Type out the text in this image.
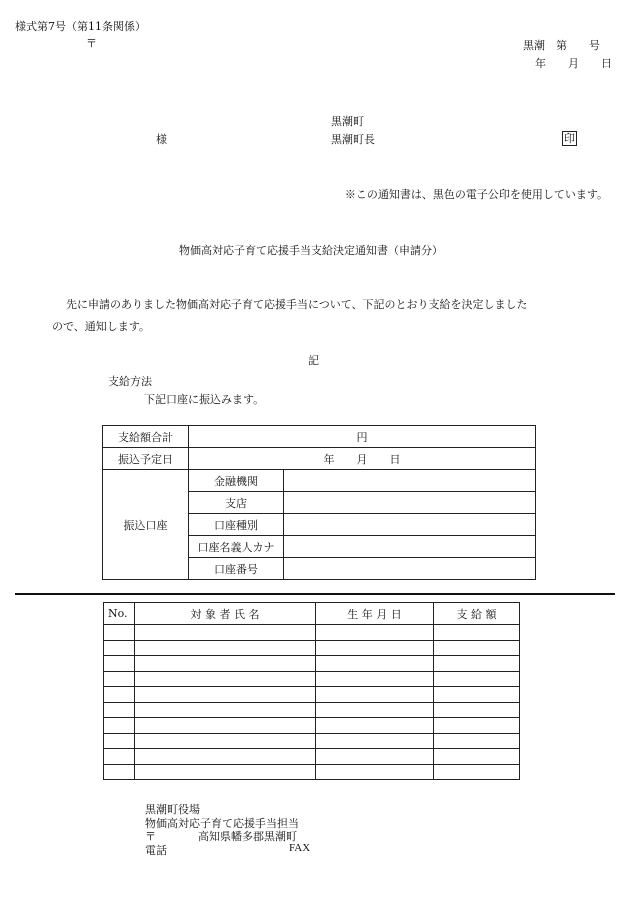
様式第7号（第11条関係）
〒	黒潮　第　　号
年　　月　　日
黒潮町
様	黒潮町長	印
※この通知書は、黒色の電子公印を使用しています。
物価高対応子育て応援手当支給決定通知書（申請分）
先に申請のありました物価高対応子育て応援手当について、下記のとおり支給を決定しました
ので、通知します。
記
支給方法
下記口座に振込みます。
支給額合計	円	
振込予定日	年　　月　　日	
振込口座	金融機関	
	支店	
	口座種別	
	口座名義人カナ	
	口座番号	
No.	対 象 者 氏 名	生 年 月 日	支 給 額

黒潮町役場
物価高対応子育て応援手当担当
〒	高知県幡多郡黒潮町
電話	FAX
